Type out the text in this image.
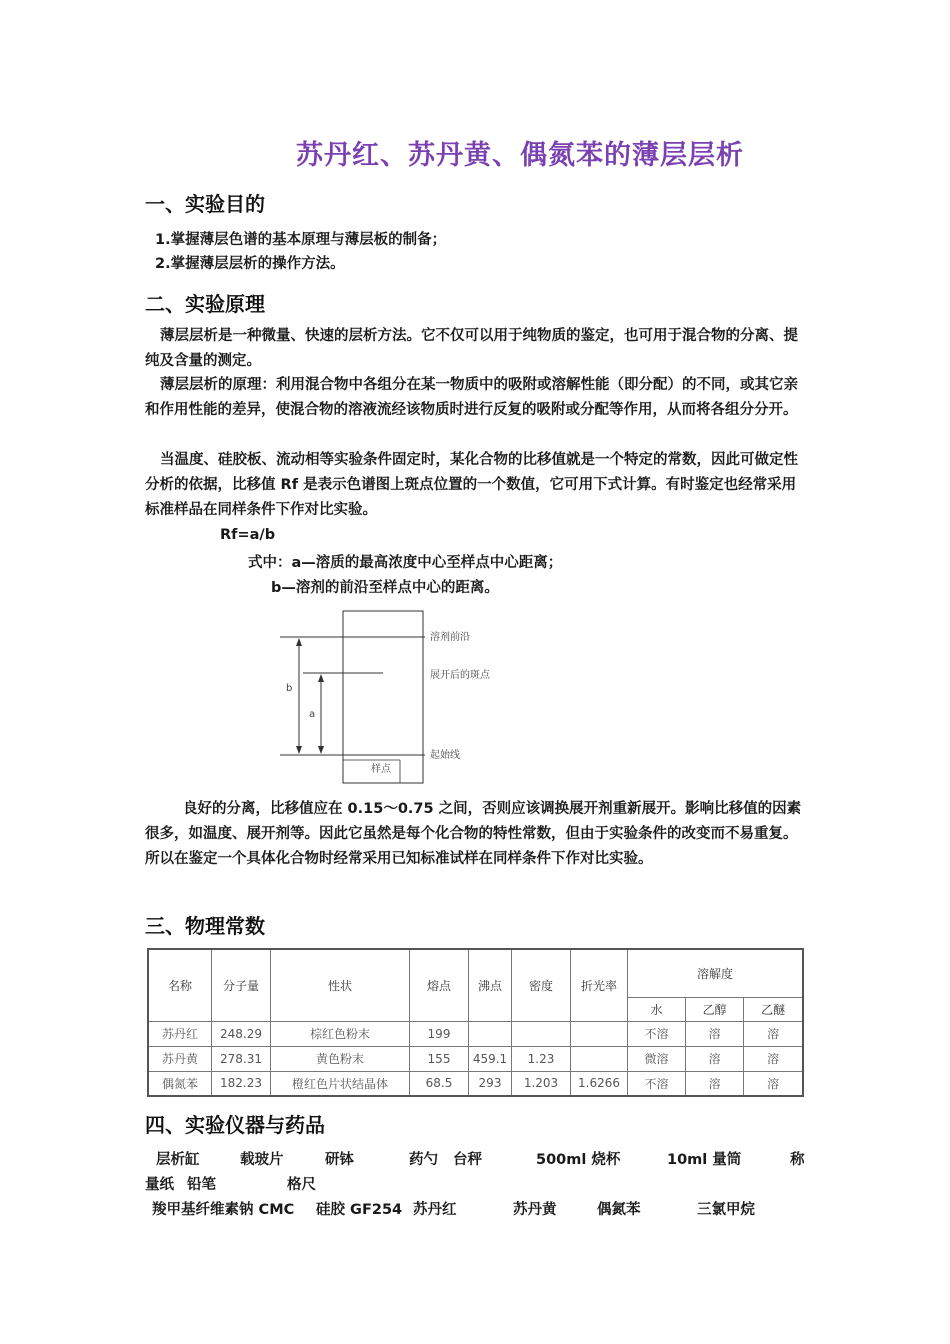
苏丹红、苏丹黄、偶氮苯的薄层层析
一、实验目的
1.掌握薄层色谱的基本原理与薄层板的制备；
2.掌握薄层层析的操作方法。
二、实验原理
薄层层析是一种微量、快速的层析方法。它不仅可以用于纯物质的鉴定，也可用于混合物的分离、提纯及含量的测定。
薄层层析的原理：利用混合物中各组分在某一物质中的吸附或溶解性能（即分配）的不同，或其它亲和作用性能的差异，使混合物的溶液流经该物质时进行反复的吸附或分配等作用，从而将各组分分开。
当温度、硅胶板、流动相等实验条件固定时，某化合物的比移值就是一个特定的常数，因此可做定性分析的依据，比移值 Rf 是表示色谱图上斑点位置的一个数值，它可用下式计算。有时鉴定也经常采用标准样品在同样条件下作对比实验。
Rf=a/b
式中：a—溶质的最高浓度中心至样点中心距离；
b—溶剂的前沿至样点中心的距离。
b
a
溶剂前沿
展开后的斑点
起始线
样点
良好的分离，比移值应在 0.15～0.75 之间，否则应该调换展开剂重新展开。影响比移值的因素很多，如温度、展开剂等。因此它虽然是每个化合物的特性常数，但由于实验条件的改变而不易重复。所以在鉴定一个具体化合物时经常采用已知标准试样在同样条件下作对比实验。
三、物理常数
名称	分子量	性状	熔点	沸点	密度	折光率	溶解度		
							水	乙醇	乙醚
苏丹红	248.29	棕红色粉末	199				不溶	溶	溶
苏丹黄	278.31	黄色粉末	155	459.1	1.23		微溶	溶	溶
偶氮苯	182.23	橙红色片状结晶体	68.5	293	1.203	1.6266	不溶	溶	溶
四、实验仪器与药品
层析缸	载玻片	研钵	药勺 台秤	500ml 烧杯	10ml 量筒	称
量纸 铅笔	格尺
羧甲基纤维素钠 CMC 硅胶 GF254 苏丹红	苏丹黄	偶氮苯	三氯甲烷
